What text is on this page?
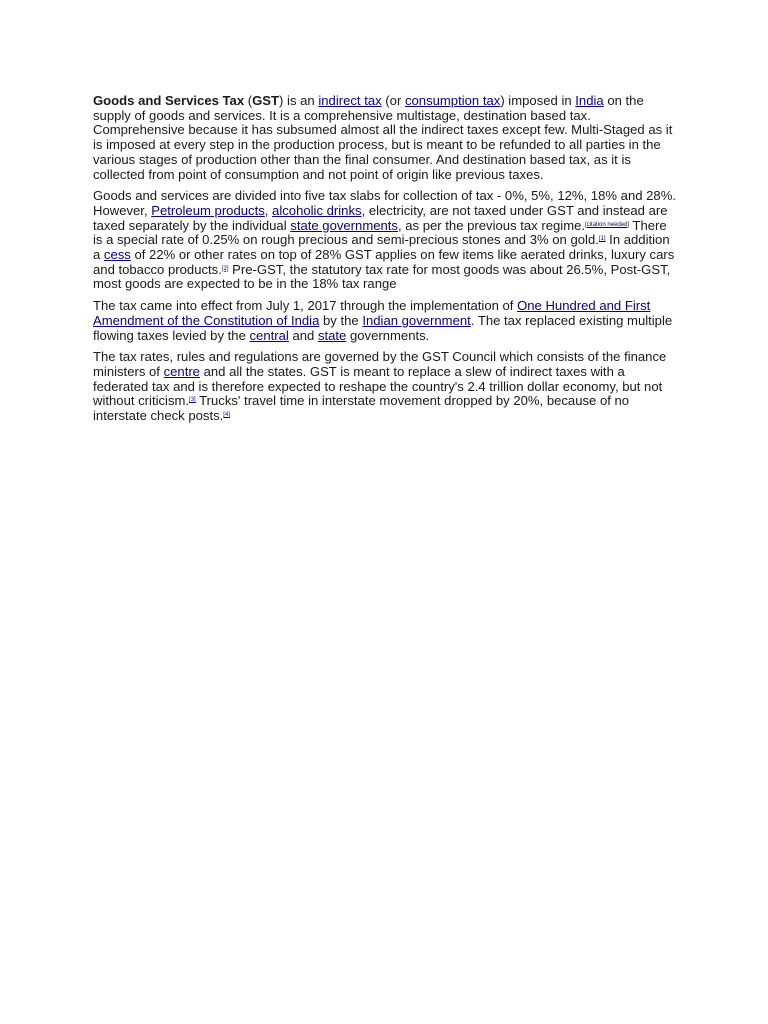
Goods and Services Tax (GST) is an indirect tax (or consumption tax) imposed in India on the supply of goods and services. It is a comprehensive multistage, destination based tax. Comprehensive because it has subsumed almost all the indirect taxes except few. Multi-Staged as it is imposed at every step in the production process, but is meant to be refunded to all parties in the various stages of production other than the final consumer. And destination based tax, as it is collected from point of consumption and not point of origin like previous taxes.

Goods and services are divided into five tax slabs for collection of tax - 0%, 5%, 12%, 18% and 28%. However, Petroleum products, alcoholic drinks, electricity, are not taxed under GST and instead are taxed separately by the individual state governments, as per the previous tax regime.[citation needed] There is a special rate of 0.25% on rough precious and semi-precious stones and 3% on gold.[1] In addition a cess of 22% or other rates on top of 28% GST applies on few items like aerated drinks, luxury cars and tobacco products.[2] Pre-GST, the statutory tax rate for most goods was about 26.5%, Post-GST, most goods are expected to be in the 18% tax range

The tax came into effect from July 1, 2017 through the implementation of One Hundred and First Amendment of the Constitution of India by the Indian government. The tax replaced existing multiple flowing taxes levied by the central and state governments.

The tax rates, rules and regulations are governed by the GST Council which consists of the finance ministers of centre and all the states. GST is meant to replace a slew of indirect taxes with a federated tax and is therefore expected to reshape the country's 2.4 trillion dollar economy, but not without criticism.[3] Trucks' travel time in interstate movement dropped by 20%, because of no interstate check posts.[4]
